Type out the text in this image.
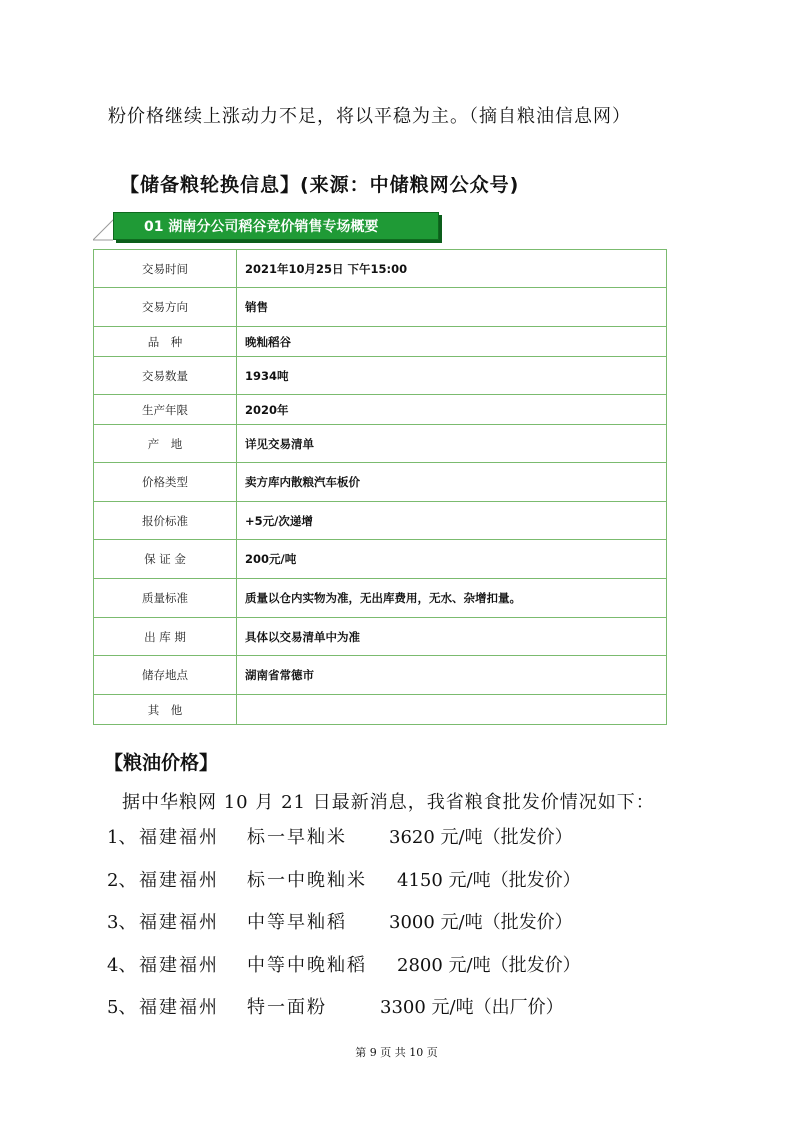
粉价格继续上涨动力不足，将以平稳为主。（摘自粮油信息网）
【储备粮轮换信息】(来源：中储粮网公众号)
01 湖南分公司稻谷竞价销售专场概要
交易时间	2021年10月25日 下午15:00
交易方向	销售
品　种	晚籼稻谷
交易数量	1934吨
生产年限	2020年
产　地	详见交易清单
价格类型	卖方库内散粮汽车板价
报价标准	+5元/次递增
保 证 金	200元/吨
质量标准	质量以仓内实物为准，无出库费用，无水、杂增扣量。
出 库 期	具体以交易清单中为准
储存地点	湖南省常德市
其　他	
【粮油价格】
据中华粮网 10 月 21 日最新消息，我省粮食批发价情况如下：
1、 福建福州 标一早籼米 3620 元/吨（批发价）
2、 福建福州 标一中晚籼米 4150 元/吨（批发价）
3、 福建福州 中等早籼稻 3000 元/吨（批发价）
4、 福建福州 中等中晚籼稻 2800 元/吨（批发价）
5、 福建福州 特一面粉	3300 元/吨（出厂价）
第 9 页 共 10 页
